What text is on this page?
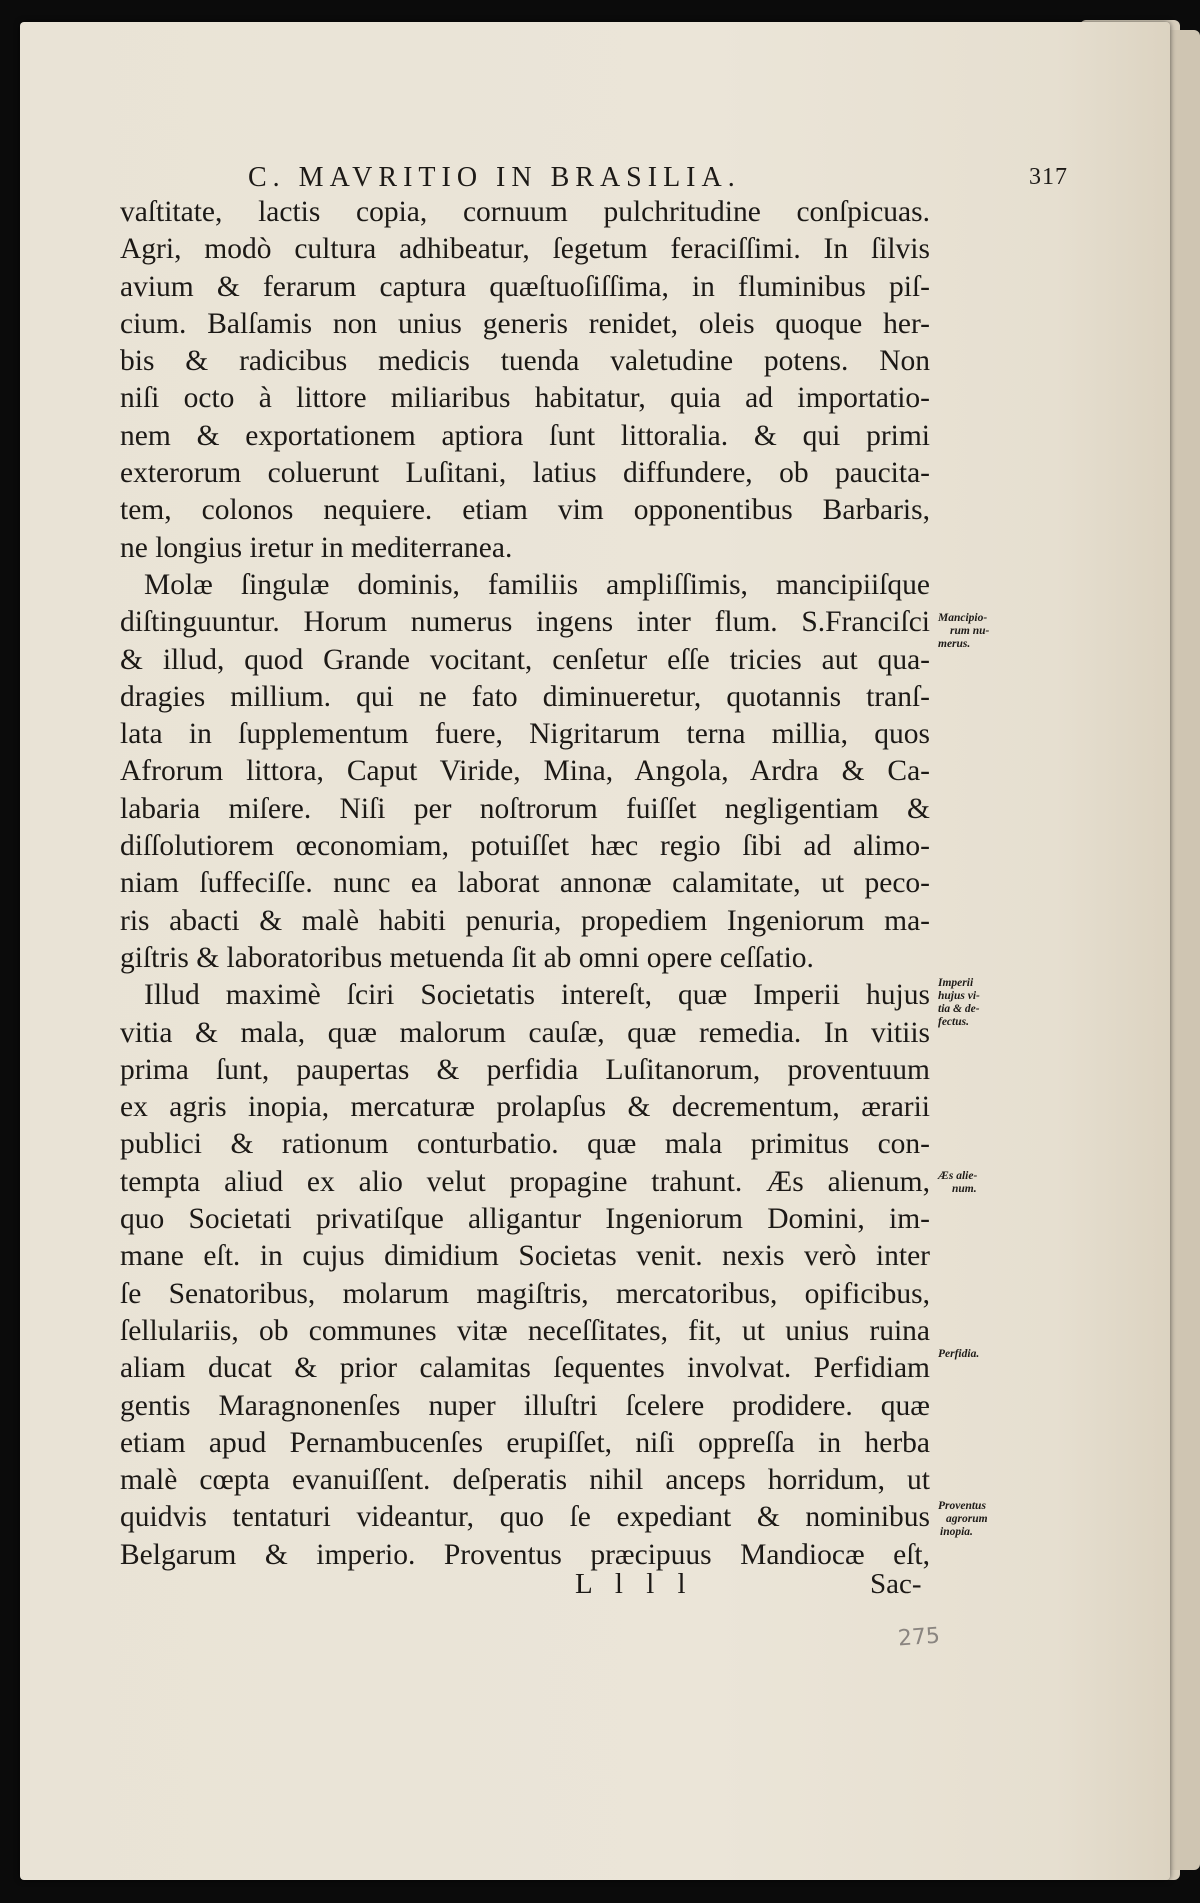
C. MAVRITIO IN BRASILIA.	317
vaſtitate, lactis copia, cornuum pulchritudine conſpicuas.
Agri, modò cultura adhibeatur, ſegetum feraciſſimi. In ſilvis
avium & ferarum captura quæſtuoſiſſima, in fluminibus piſ-
cium. Balſamis non unius generis renidet, oleis quoque her-
bis & radicibus medicis tuenda valetudine potens. Non
niſi octo à littore miliaribus habitatur, quia ad importatio-
nem & exportationem aptiora ſunt littoralia. & qui primi
exterorum coluerunt Luſitani, latius diffundere, ob paucita-
tem, colonos nequiere. etiam vim opponentibus Barbaris,
ne longius iretur in mediterranea.
Molæ ſingulæ dominis, familiis ampliſſimis, mancipiiſque
diſtinguuntur. Horum numerus ingens inter flum. S.Franciſci
& illud, quod Grande vocitant, cenſetur eſſe tricies aut qua-
dragies millium. qui ne fato diminueretur, quotannis tranſ-
lata in ſupplementum fuere, Nigritarum terna millia, quos
Afrorum littora, Caput Viride, Mina, Angola, Ardra & Ca-
labaria miſere. Niſi per noſtrorum fuiſſet negligentiam &
diſſolutiorem œconomiam, potuiſſet hæc regio ſibi ad alimo-
niam ſuffeciſſe. nunc ea laborat annonæ calamitate, ut peco-
ris abacti & malè habiti penuria, propediem Ingeniorum ma-
giſtris & laboratoribus metuenda ſit ab omni opere ceſſatio.
Illud maximè ſciri Societatis intereſt, quæ Imperii hujus
vitia & mala, quæ malorum cauſæ, quæ remedia. In vitiis
prima ſunt, paupertas & perfidia Luſitanorum, proventuum
ex agris inopia, mercaturæ prolapſus & decrementum, ærarii
publici & rationum conturbatio. quæ mala primitus con-
tempta aliud ex alio velut propagine trahunt. Æs alienum,
quo Societati privatiſque alligantur Ingeniorum Domini, im-
mane eſt. in cujus dimidium Societas venit. nexis verò inter
ſe Senatoribus, molarum magiſtris, mercatoribus, opificibus,
ſellulariis, ob communes vitæ neceſſitates, fit, ut unius ruina
aliam ducat & prior calamitas ſequentes involvat. Perfidiam
gentis Maragnonenſes nuper illuſtri ſcelere prodidere. quæ
etiam apud Pernambucenſes erupiſſet, niſi oppreſſa in herba
malè cœpta evanuiſſent. deſperatis nihil anceps horridum, ut
quidvis tentaturi videantur, quo ſe expediant & nominibus
Belgarum & imperio. Proventus præcipuus Mandiocæ eſt,
Mancipio-
rum nu-
merus.
Imperii
hujus vi-
tia & de-
fectus.
Æs alie-
num.
Perfidia.
Proventus
agrorum
inopia.
L l l l	Sac-
275
